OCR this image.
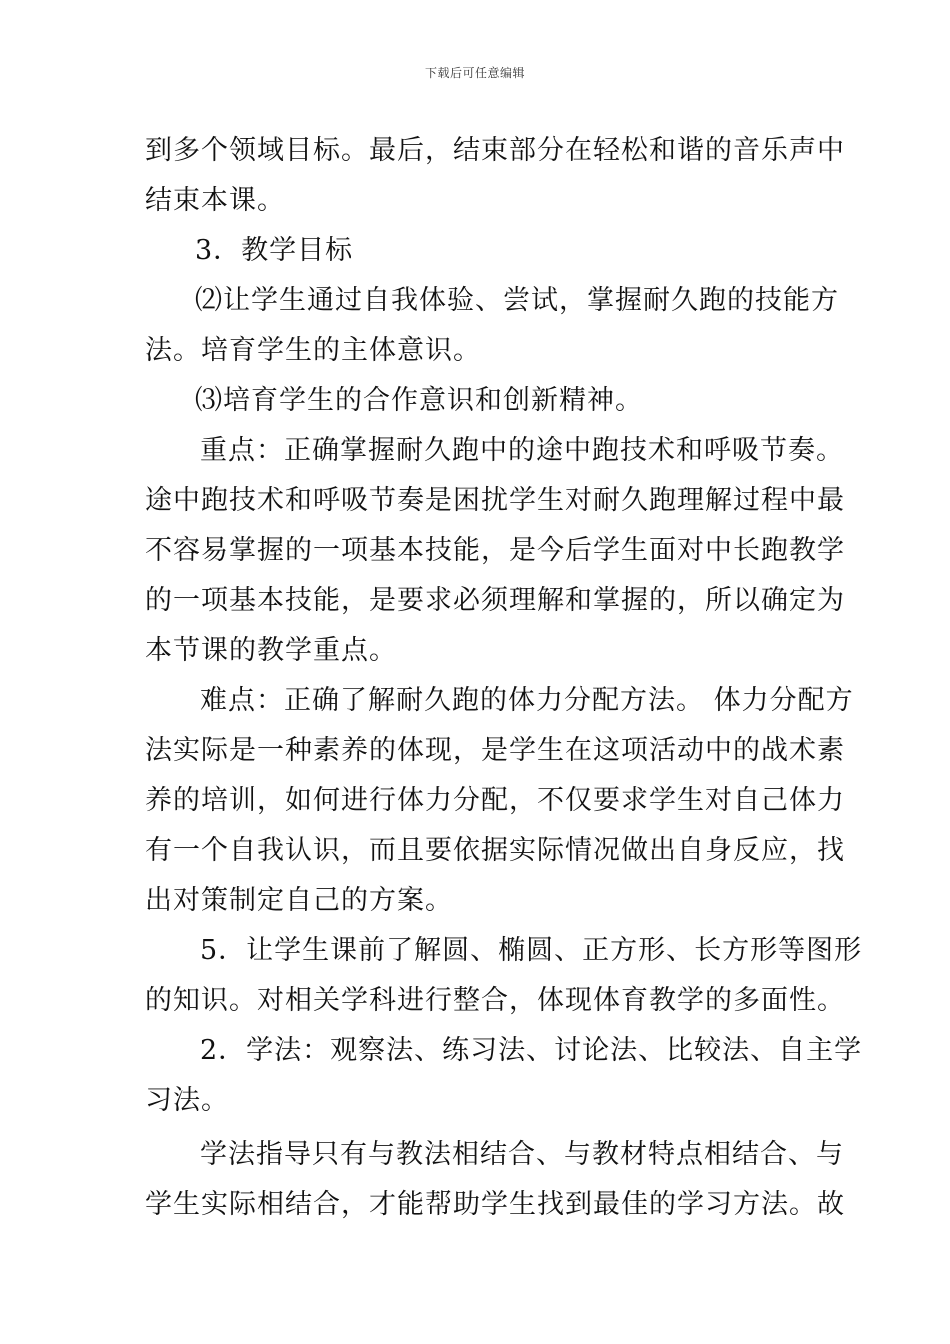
下载后可任意编辑
到多个领域目标。最后，结束部分在轻松和谐的音乐声中
结束本课。
3．教学目标
⑵让学生通过自我体验、尝试，掌握耐久跑的技能方
法。培育学生的主体意识。
⑶培育学生的合作意识和创新精神。
重点：正确掌握耐久跑中的途中跑技术和呼吸节奏。
途中跑技术和呼吸节奏是困扰学生对耐久跑理解过程中最
不容易掌握的一项基本技能，是今后学生面对中长跑教学
的一项基本技能，是要求必须理解和掌握的，所以确定为
本节课的教学重点。
难点：正确了解耐久跑的体力分配方法。 体力分配方
法实际是一种素养的体现，是学生在这项活动中的战术素
养的培训，如何进行体力分配，不仅要求学生对自己体力
有一个自我认识，而且要依据实际情况做出自身反应，找
出对策制定自己的方案。
5．让学生课前了解圆、椭圆、正方形、长方形等图形
的知识。对相关学科进行整合，体现体育教学的多面性。
2．学法：观察法、练习法、讨论法、比较法、自主学
习法。
学法指导只有与教法相结合、与教材特点相结合、与
学生实际相结合，才能帮助学生找到最佳的学习方法。故
